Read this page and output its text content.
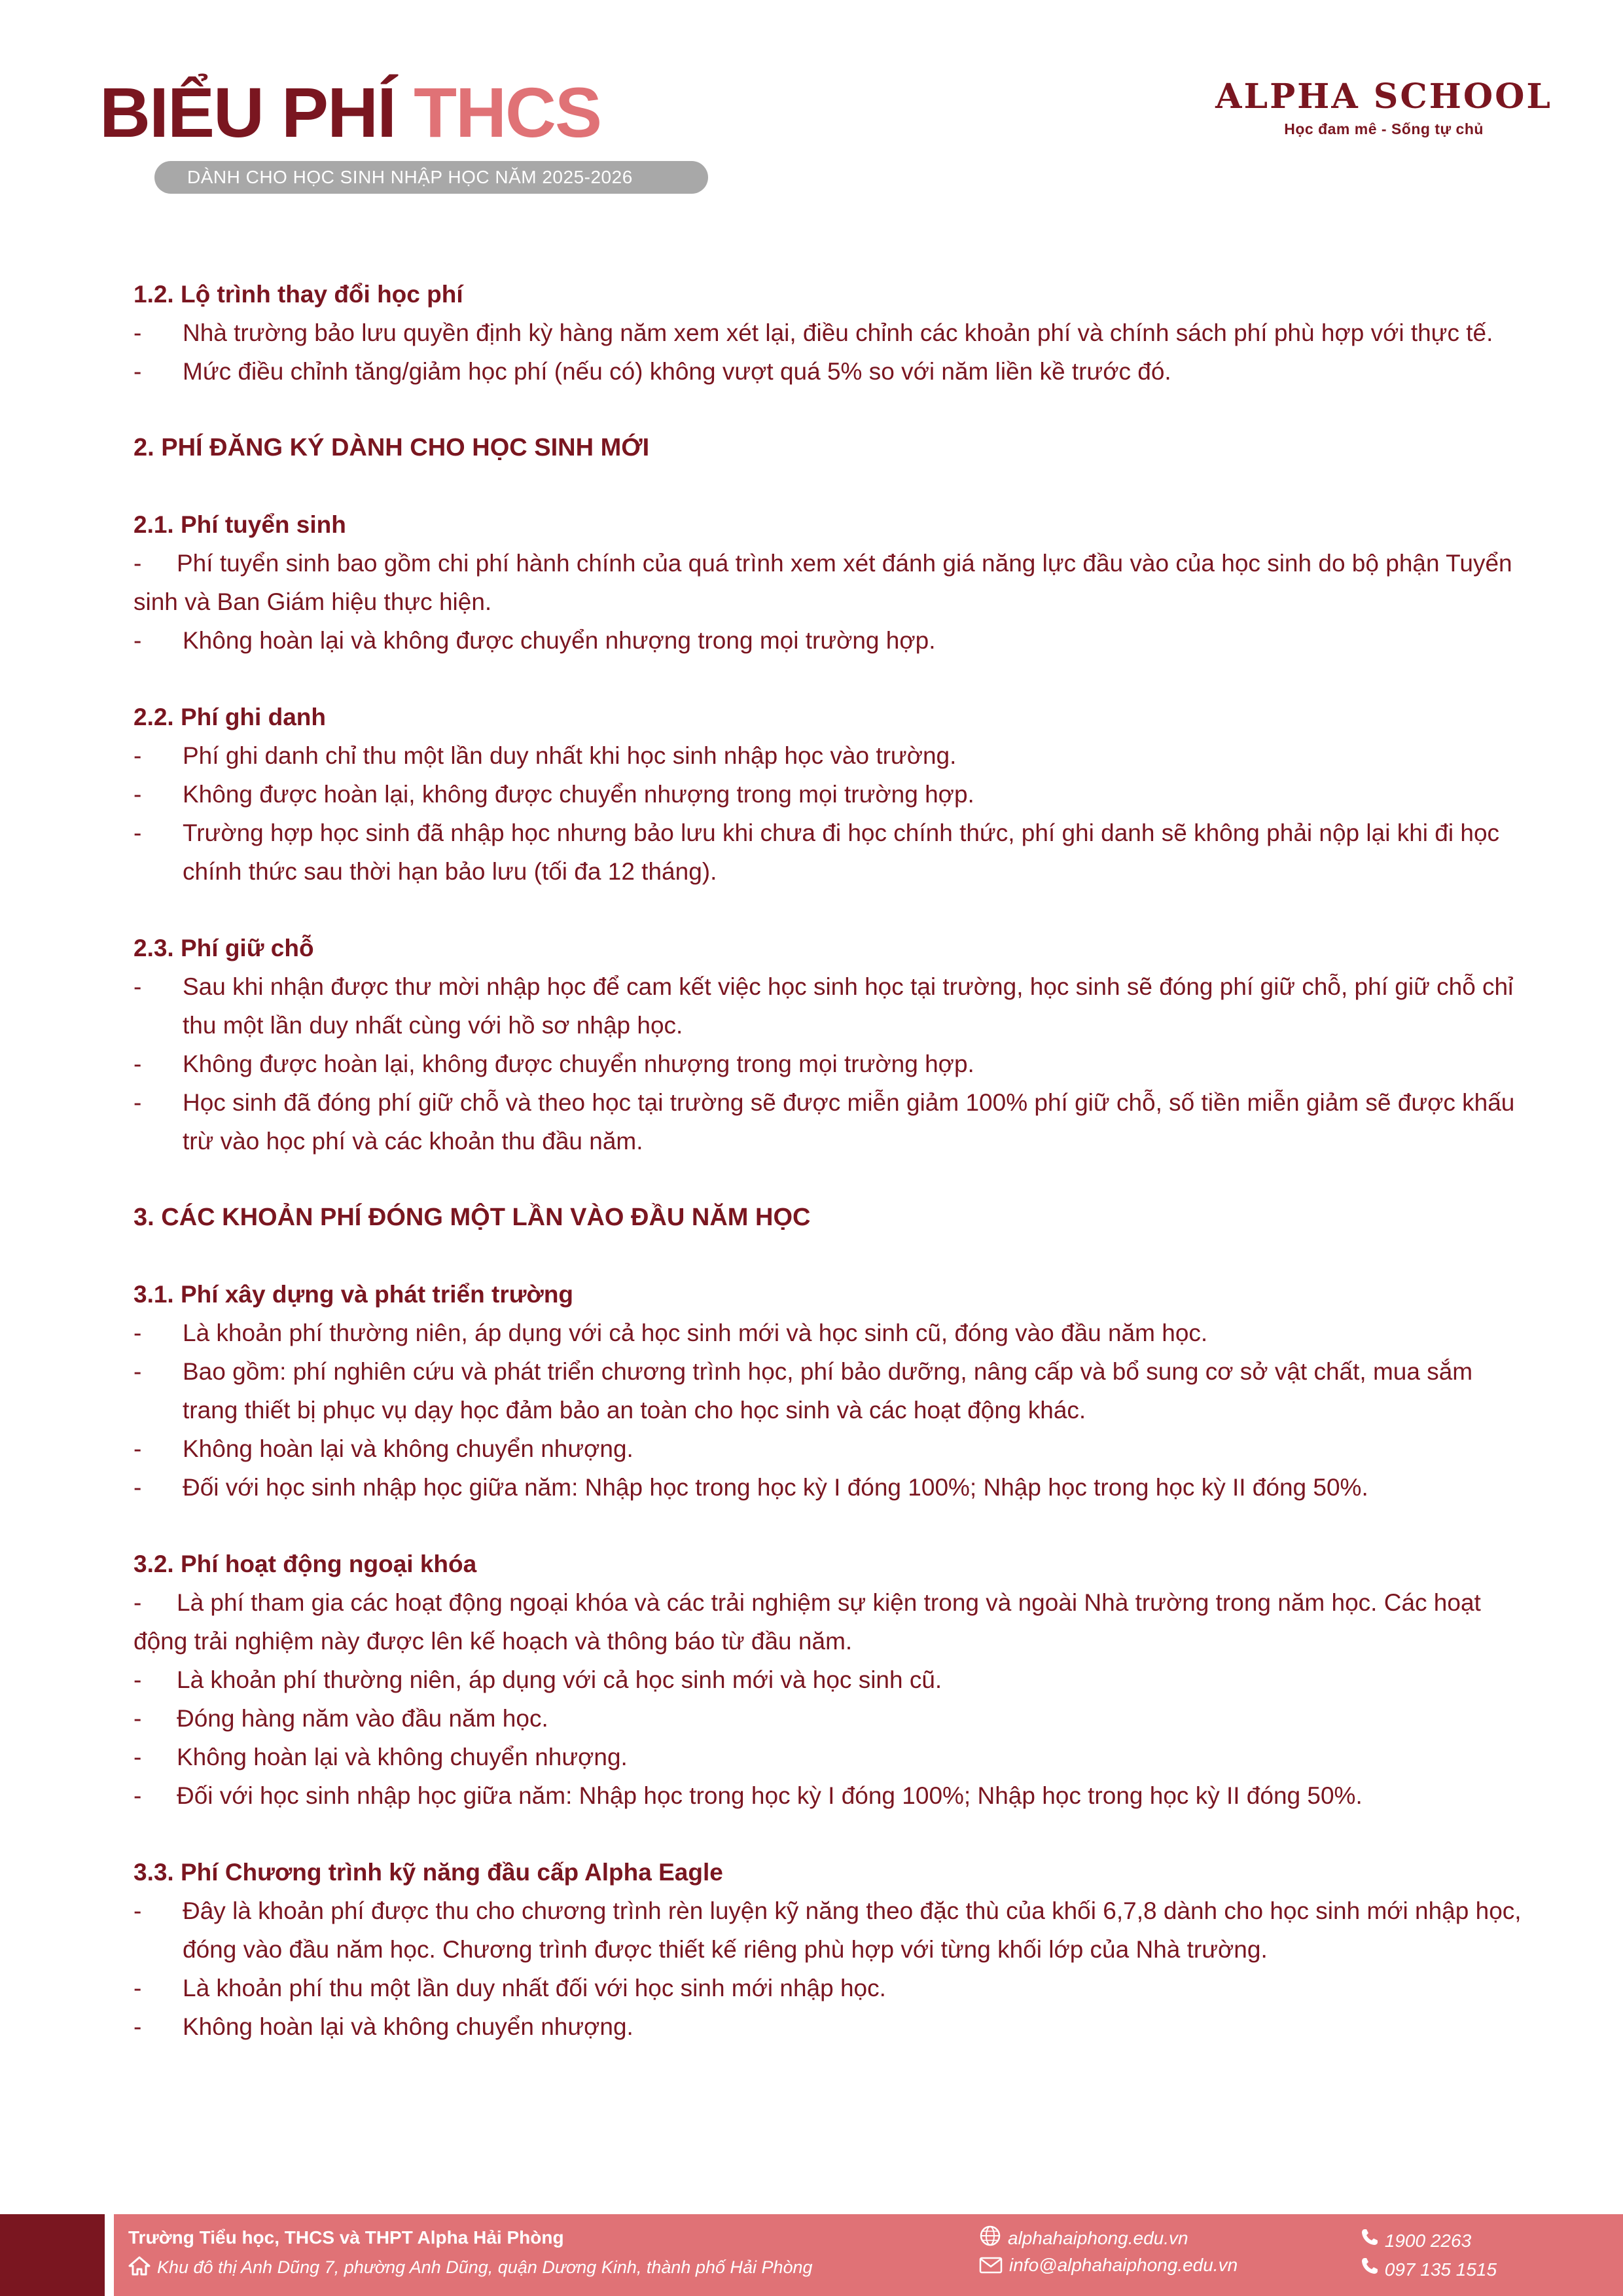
BIỂU PHÍ THCS
DÀNH CHO HỌC SINH NHẬP HỌC NĂM 2025-2026
ALPHA SCHOOL
Học đam mê - Sống tự chủ
1.2. Lộ trình thay đổi học phí
- Nhà trường bảo lưu quyền định kỳ hàng năm xem xét lại, điều chỉnh các khoản phí và chính sách phí phù hợp với thực tế.
- Mức điều chỉnh tăng/giảm học phí (nếu có) không vượt quá 5% so với năm liền kề trước đó.
2. PHÍ ĐĂNG KÝ DÀNH CHO HỌC SINH MỚI
2.1. Phí tuyển sinh
- Phí tuyển sinh bao gồm chi phí hành chính của quá trình xem xét đánh giá năng lực đầu vào của học sinh do bộ phận Tuyển sinh và Ban Giám hiệu thực hiện.
- Không hoàn lại và không được chuyển nhượng trong mọi trường hợp.
2.2. Phí ghi danh
- Phí ghi danh chỉ thu một lần duy nhất khi học sinh nhập học vào trường.
- Không được hoàn lại, không được chuyển nhượng trong mọi trường hợp.
- Trường hợp học sinh đã nhập học nhưng bảo lưu khi chưa đi học chính thức, phí ghi danh sẽ không phải nộp lại khi đi học chính thức sau thời hạn bảo lưu (tối đa 12 tháng).
2.3. Phí giữ chỗ
- Sau khi nhận được thư mời nhập học để cam kết việc học sinh học tại trường, học sinh sẽ đóng phí giữ chỗ, phí giữ chỗ chỉ thu một lần duy nhất cùng với hồ sơ nhập học.
- Không được hoàn lại, không được chuyển nhượng trong mọi trường hợp.
- Học sinh đã đóng phí giữ chỗ và theo học tại trường sẽ được miễn giảm 100% phí giữ chỗ, số tiền miễn giảm sẽ được khấu trừ vào học phí và các khoản thu đầu năm.
3. CÁC KHOẢN PHÍ ĐÓNG MỘT LẦN VÀO ĐẦU NĂM HỌC
3.1. Phí xây dựng và phát triển trường
- Là khoản phí thường niên, áp dụng với cả học sinh mới và học sinh cũ, đóng vào đầu năm học.
- Bao gồm: phí nghiên cứu và phát triển chương trình học, phí bảo dưỡng, nâng cấp và bổ sung cơ sở vật chất, mua sắm trang thiết bị phục vụ dạy học đảm bảo an toàn cho học sinh và các hoạt động khác.
- Không hoàn lại và không chuyển nhượng.
- Đối với học sinh nhập học giữa năm: Nhập học trong học kỳ I đóng 100%; Nhập học trong học kỳ II đóng 50%.
3.2. Phí hoạt động ngoại khóa
- Là phí tham gia các hoạt động ngoại khóa và các trải nghiệm sự kiện trong và ngoài Nhà trường trong năm học. Các hoạt động trải nghiệm này được lên kế hoạch và thông báo từ đầu năm.
- Là khoản phí thường niên, áp dụng với cả học sinh mới và học sinh cũ.
- Đóng hàng năm vào đầu năm học.
- Không hoàn lại và không chuyển nhượng.
- Đối với học sinh nhập học giữa năm: Nhập học trong học kỳ I đóng 100%; Nhập học trong học kỳ II đóng 50%.
3.3. Phí Chương trình kỹ năng đầu cấp Alpha Eagle
- Đây là khoản phí được thu cho chương trình rèn luyện kỹ năng theo đặc thù của khối 6,7,8 dành cho học sinh mới nhập học, đóng vào đầu năm học. Chương trình được thiết kế riêng phù hợp với từng khối lớp của Nhà trường.
- Là khoản phí thu một lần duy nhất đối với học sinh mới nhập học.
- Không hoàn lại và không chuyển nhượng.
Trường Tiểu học, THCS và THPT Alpha Hải Phòng
Khu đô thị Anh Dũng 7, phường Anh Dũng, quận Dương Kinh, thành phố Hải Phòng
alphahaiphong.edu.vn
info@alphahaiphong.edu.vn
1900 2263
097 135 1515
